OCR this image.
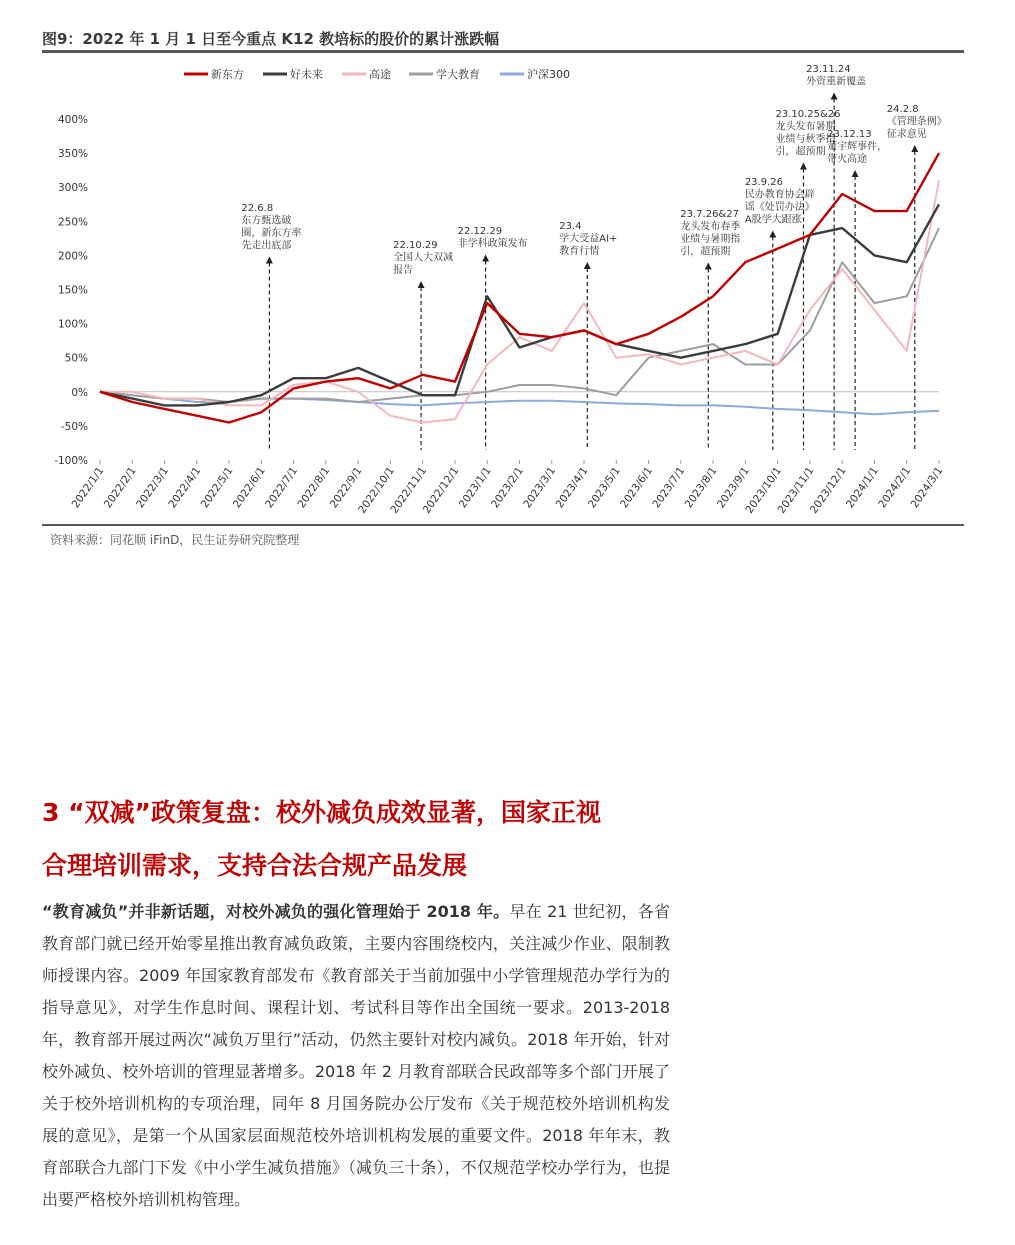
图9：2022 年 1 月 1 日至今重点 K12 教培标的股价的累计涨跌幅
新东方	好未来	高途	学大教育	沪深300
400%
350%
300%
250%
200%
150%
100%
50%
0%
-50%
-100%
2022/1/1
2022/2/1
2022/3/1
2022/4/1
2022/5/1
2022/6/1
2022/7/1
2022/8/1
2022/9/1
2022/10/1
2022/11/1
2022/12/1
2023/1/1
2023/2/1
2023/3/1
2023/4/1
2023/5/1
2023/6/1
2023/7/1
2023/8/1
2023/9/1
2023/10/1
2023/11/1
2023/12/1
2024/1/1
2024/2/1
2024/3/1
22.6.8
东方甄选破
圈，新东方率
先走出底部	22.10.29
全国人大双减
报告
22.12.29
非学科政策发布
23.4
学大受益AI+
教育行情
23.7.26&27
龙头发布春季
业绩与暑期指
引，超预期
23.9.26
民办教育协会辟
谣《处罚办法》
A股学大跟涨
23.10.25&26
龙头发布暑期
业绩与秋季指
引，超预期
23.11.24
外资重新覆盖
23.12.13
董宇辉事件，
带火高途
24.2.8
《管理条例》
征求意见
资料来源：同花顺 iFinD，民生证券研究院整理
3 “双减”政策复盘：校外减负成效显著，国家正视
合理培训需求，支持合法合规产品发展

“教育减负”并非新话题，对校外减负的强化管理始于 2018 年。早在 21 世纪初，各省教育部门就已经开始零星推出教育减负政策，主要内容围绕校内，关注减少作业、限制教师授课内容。2009 年国家教育部发布《教育部关于当前加强中小学管理规范办学行为的指导意见》，对学生作息时间、课程计划、考试科目等作出全国统一要求。2013-2018 年，教育部开展过两次“减负万里行”活动，仍然主要针对校内减负。2018 年开始，针对校外减负、校外培训的管理显著增多。2018 年 2 月教育部联合民政部等多个部门开展了关于校外培训机构的专项治理，同年 8 月国务院办公厅发布《关于规范校外培训机构发展的意见》，是第一个从国家层面规范校外培训机构发展的重要文件。2018 年年末，教育部联合九部门下发《中小学生减负措施》（减负三十条），不仅规范学校办学行为，也提出要严格校外培训机构管理。
